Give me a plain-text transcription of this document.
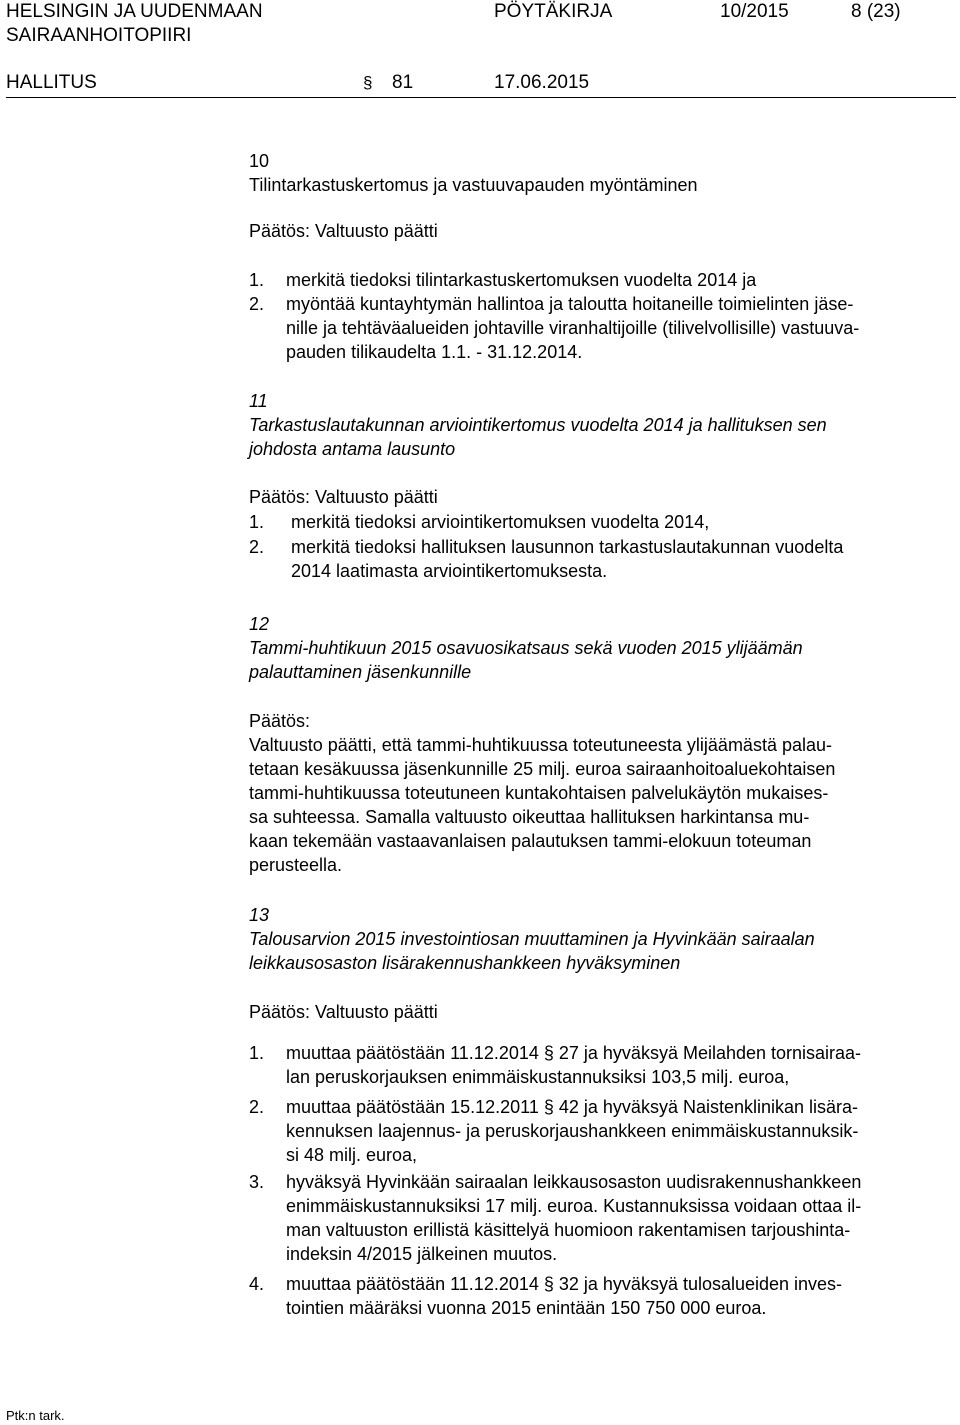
HELSINGIN JA UUDENMAAN
SAIRAANHOITOPIIRI
PÖYTÄKIRJA	10/2015	8 (23)
HALLITUS	§ 81	17.06.2015
10
Tilintarkastuskertomus ja vastuuvapauden myöntäminen
Päätös: Valtuusto päätti
1. merkitä tiedoksi tilintarkastuskertomuksen vuodelta 2014 ja
2. myöntää kuntayhtymän hallintoa ja taloutta hoitaneille toimielinten jäse-
nille ja tehtäväalueiden johtaville viranhaltijoille (tilivelvollisille) vastuuva-
pauden tilikaudelta 1.1. - 31.12.2014.
11
Tarkastuslautakunnan arviointikertomus vuodelta 2014 ja hallituksen sen
johdosta antama lausunto
Päätös: Valtuusto päätti
1. merkitä tiedoksi arviointikertomuksen vuodelta 2014,
2. merkitä tiedoksi hallituksen lausunnon tarkastuslautakunnan vuodelta
2014 laatimasta arviointikertomuksesta.
12
Tammi-huhtikuun 2015 osavuosikatsaus sekä vuoden 2015 ylijäämän
palauttaminen jäsenkunnille
Päätös:
Valtuusto päätti, että tammi-huhtikuussa toteutuneesta ylijäämästä palau-
tetaan kesäkuussa jäsenkunnille 25 milj. euroa sairaanhoitoaluekohtaisen
tammi-huhtikuussa toteutuneen kuntakohtaisen palvelukäytön mukaises-
sa suhteessa. Samalla valtuusto oikeuttaa hallituksen harkintansa mu-
kaan tekemään vastaavanlaisen palautuksen tammi-elokuun toteuman
perusteella.
13
Talousarvion 2015 investointiosan muuttaminen ja Hyvinkään sairaalan
leikkausosaston lisärakennushankkeen hyväksyminen
Päätös: Valtuusto päätti
1. muuttaa päätöstään 11.12.2014 § 27 ja hyväksyä Meilahden tornisairaa-
lan peruskorjauksen enimmäiskustannuksiksi 103,5 milj. euroa,
2. muuttaa päätöstään 15.12.2011 § 42 ja hyväksyä Naistenklinikan lisära-
kennuksen laajennus- ja peruskorjaushankkeen enimmäiskustannuksik-
si 48 milj. euroa,
3. hyväksyä Hyvinkään sairaalan leikkausosaston uudisrakennushankkeen
enimmäiskustannuksiksi 17 milj. euroa. Kustannuksissa voidaan ottaa il-
man valtuuston erillistä käsittelyä huomioon rakentamisen tarjoushinta-
indeksin 4/2015 jälkeinen muutos.
4. muuttaa päätöstään 11.12.2014 § 32 ja hyväksyä tulosalueiden inves-
tointien määräksi vuonna 2015 enintään 150 750 000 euroa.
Ptk:n tark.
